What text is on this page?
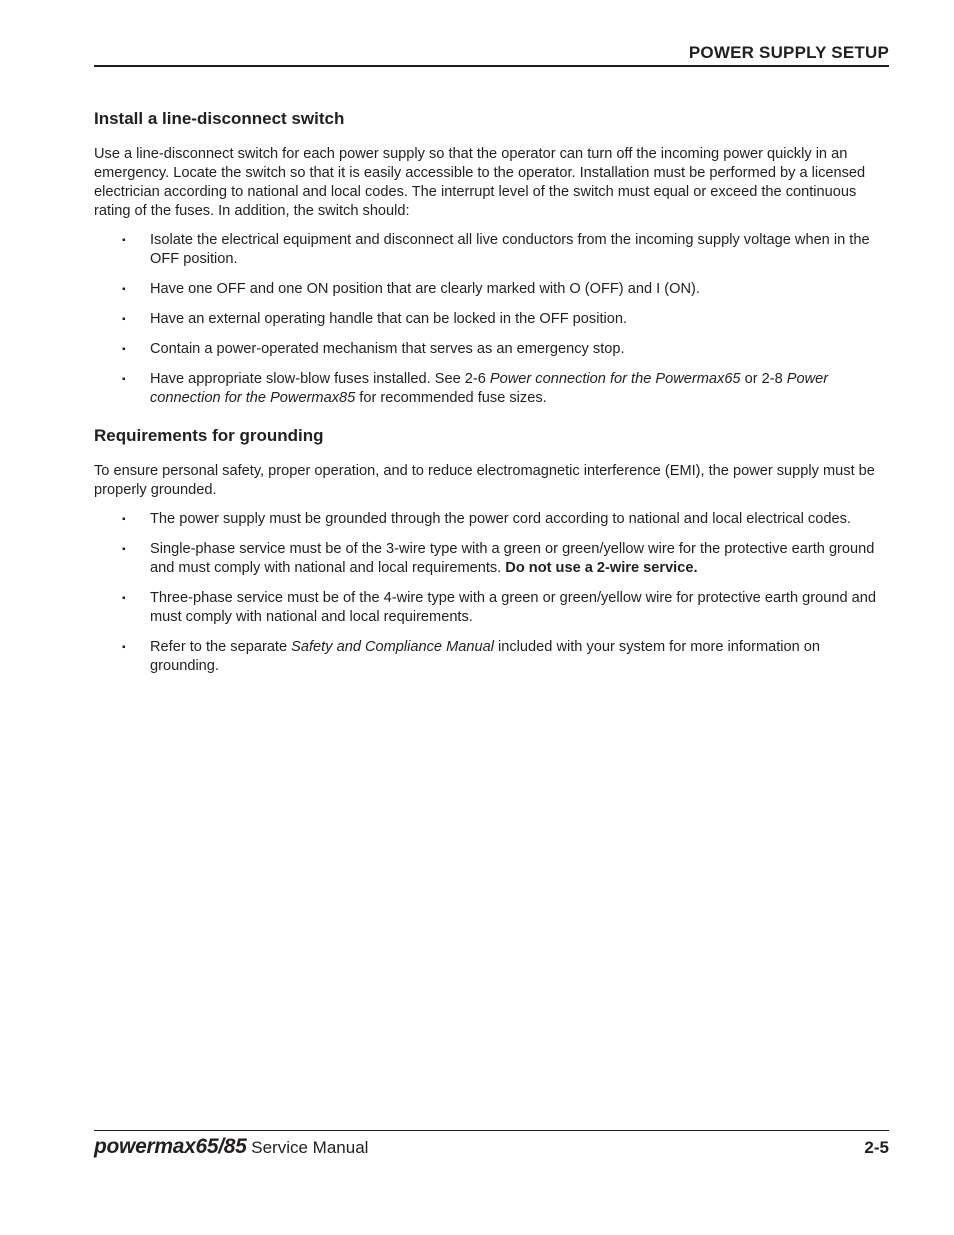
POWER SUPPLY SETUP
Install a line-disconnect switch

Use a line-disconnect switch for each power supply so that the operator can turn off the incoming power quickly in an emergency. Locate the switch so that it is easily accessible to the operator. Installation must be performed by a licensed electrician according to national and local codes. The interrupt level of the switch must equal or exceed the continuous rating of the fuses. In addition, the switch should:

▪ Isolate the electrical equipment and disconnect all live conductors from the incoming supply voltage when in the OFF position.
▪ Have one OFF and one ON position that are clearly marked with O (OFF) and I (ON).
▪ Have an external operating handle that can be locked in the OFF position.
▪ Contain a power-operated mechanism that serves as an emergency stop.
▪ Have appropriate slow-blow fuses installed. See 2-6 Power connection for the Powermax65 or 2-8 Power connection for the Powermax85 for recommended fuse sizes.
Requirements for grounding

To ensure personal safety, proper operation, and to reduce electromagnetic interference (EMI), the power supply must be properly grounded.

▪ The power supply must be grounded through the power cord according to national and local electrical codes.
▪ Single-phase service must be of the 3-wire type with a green or green/yellow wire for the protective earth ground and must comply with national and local requirements. Do not use a 2-wire service.
▪ Three-phase service must be of the 4-wire type with a green or green/yellow wire for protective earth ground and must comply with national and local requirements.
▪ Refer to the separate Safety and Compliance Manual included with your system for more information on grounding.
powermax65/85 Service Manual	2-5
